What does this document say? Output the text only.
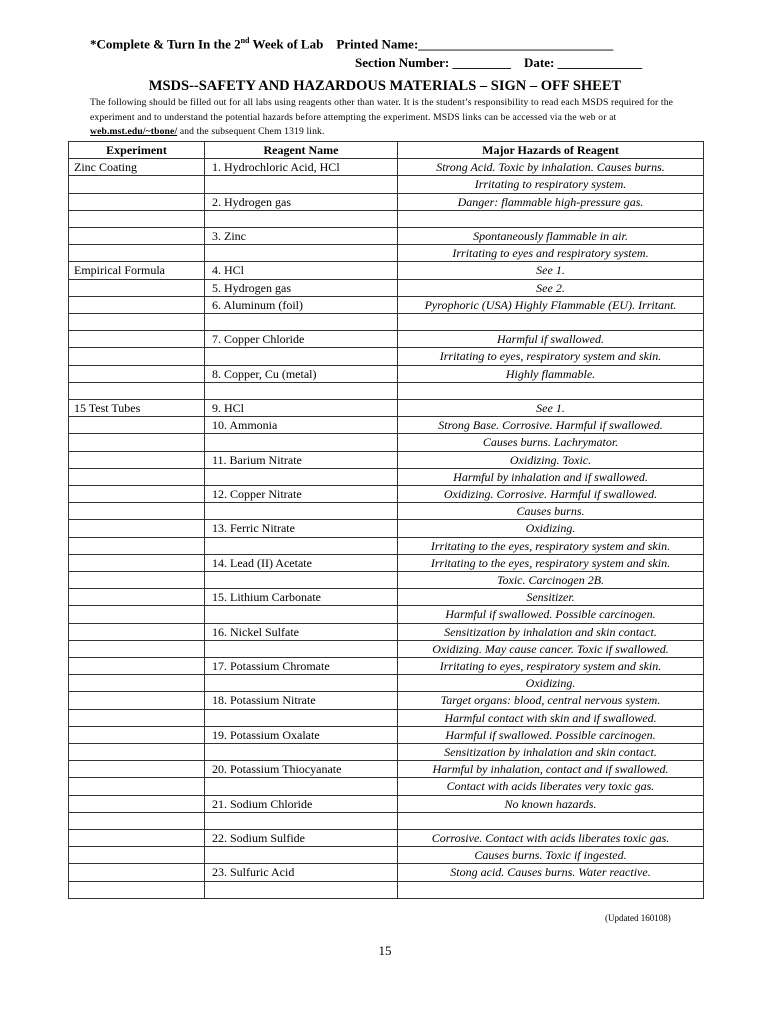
*Complete & Turn In the 2nd Week of Lab Printed Name:______________________________
Section Number: _________ Date: _____________
MSDS--SAFETY AND HAZARDOUS MATERIALS – SIGN – OFF SHEET
The following should be filled out for all labs using reagents other than water. It is the student’s responsibility to read each MSDS required for the experiment and to understand the potential hazards before attempting the experiment. MSDS links can be accessed via the web or at web.mst.edu/~tbone/ and the subsequent Chem 1319 link.
Experiment	Reagent Name	Major Hazards of Reagent
Zinc Coating	1. Hydrochloric Acid, HCl	Strong Acid. Toxic by inhalation. Causes burns.
		Irritating to respiratory system.
	2. Hydrogen gas	Danger: flammable high-pressure gas.

	3. Zinc	Spontaneously flammable in air.
		Irritating to eyes and respiratory system.
Empirical Formula	4. HCl	See 1.
	5. Hydrogen gas	See 2.
	6. Aluminum (foil)	Pyrophoric (USA) Highly Flammable (EU). Irritant.

	7. Copper Chloride	Harmful if swallowed.
		Irritating to eyes, respiratory system and skin.
	8. Copper, Cu (metal)	Highly flammable.

15 Test Tubes	9. HCl	See 1.
	10. Ammonia	Strong Base. Corrosive. Harmful if swallowed.
		Causes burns. Lachrymator.
	11. Barium Nitrate	Oxidizing. Toxic.
		Harmful by inhalation and if swallowed.
	12. Copper Nitrate	Oxidizing. Corrosive. Harmful if swallowed.
		Causes burns.
	13. Ferric Nitrate	Oxidizing.
		Irritating to the eyes, respiratory system and skin.
	14. Lead (II) Acetate	Irritating to the eyes, respiratory system and skin.
		Toxic. Carcinogen 2B.
	15. Lithium Carbonate	Sensitizer.
		Harmful if swallowed. Possible carcinogen.
	16. Nickel Sulfate	Sensitization by inhalation and skin contact.
		Oxidizing. May cause cancer. Toxic if swallowed.
	17. Potassium Chromate	Irritating to eyes, respiratory system and skin.
		Oxidizing.
	18. Potassium Nitrate	Target organs: blood, central nervous system.
		Harmful contact with skin and if swallowed.
	19. Potassium Oxalate	Harmful if swallowed. Possible carcinogen.
		Sensitization by inhalation and skin contact.
	20. Potassium Thiocyanate	Harmful by inhalation, contact and if swallowed.
		Contact with acids liberates very toxic gas.
	21. Sodium Chloride	No known hazards.

	22. Sodium Sulfide	Corrosive. Contact with acids liberates toxic gas.
		Causes burns. Toxic if ingested.
	23. Sulfuric Acid	Stong acid. Causes burns. Water reactive.

(Updated 160108)
15
